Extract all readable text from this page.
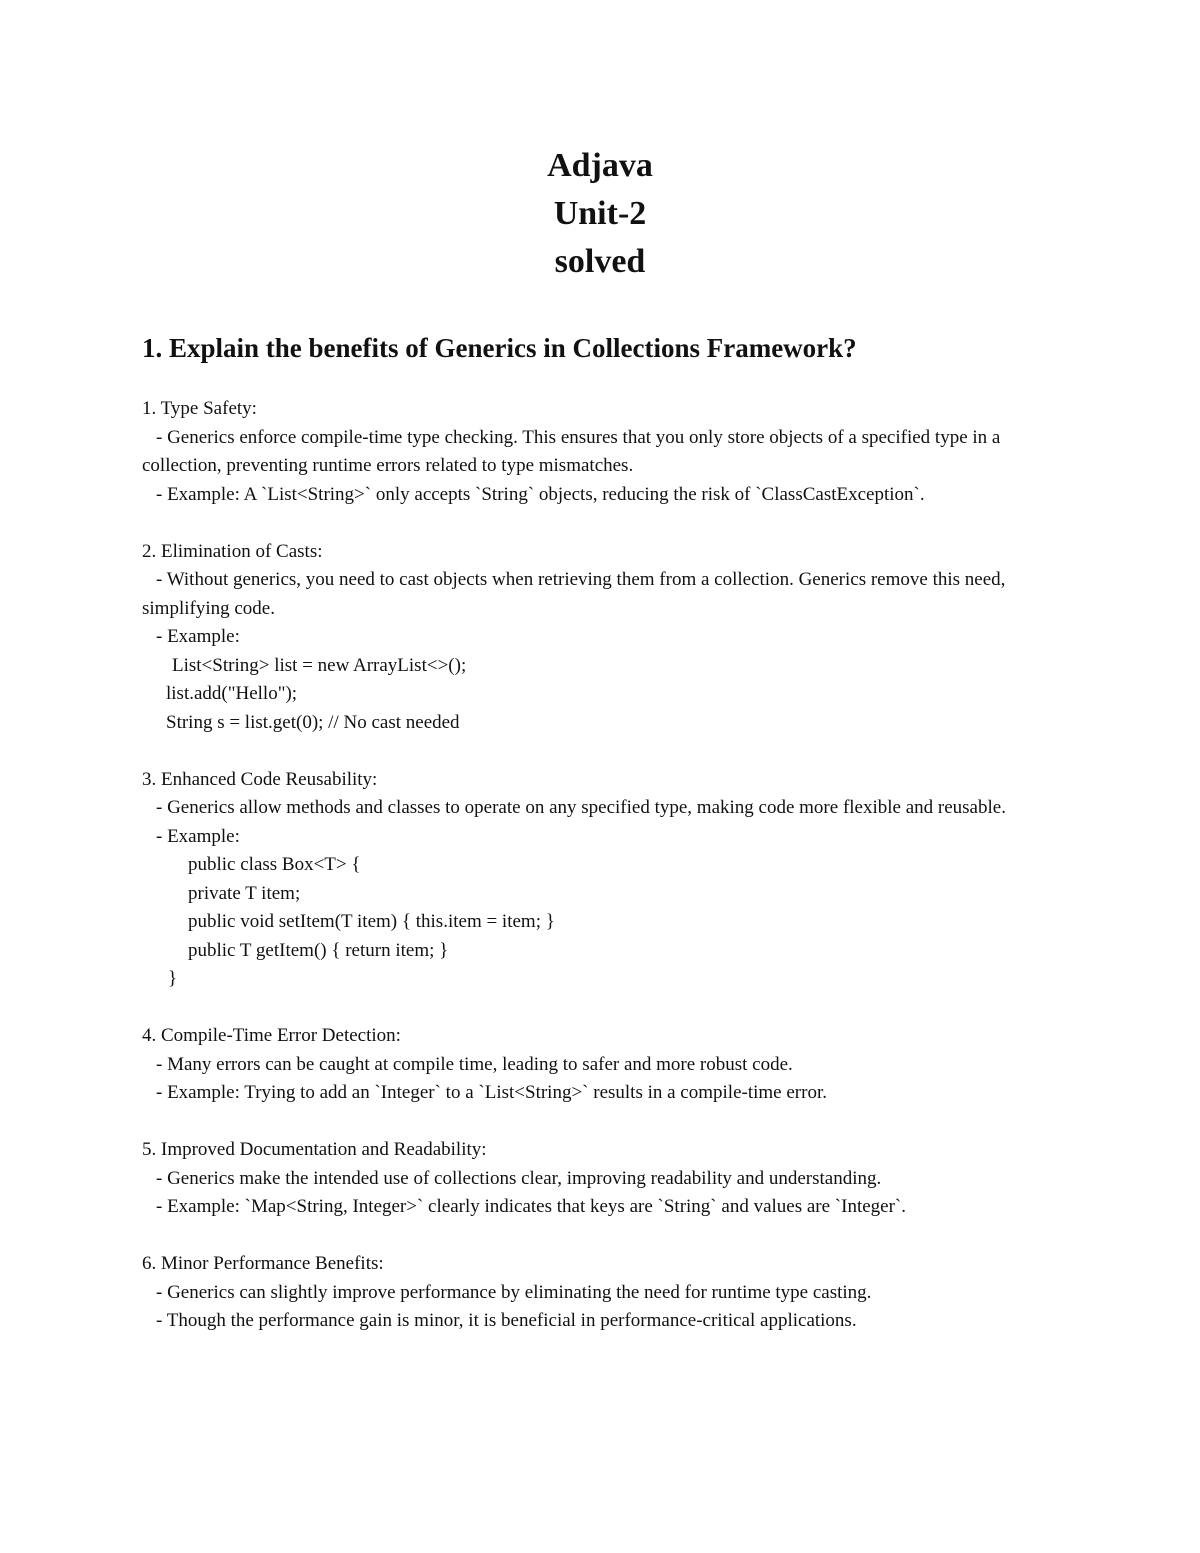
Adjava

Unit-2

solved

1. Explain the benefits of Generics in Collections Framework?

1. Type Safety:

- Generics enforce compile-time type checking. This ensures that you only store objects of a specified type in a collection, preventing runtime errors related to type mismatches.

- Example: A `List<String>` only accepts `String` objects, reducing the risk of `ClassCastException`.

2. Elimination of Casts:

- Without generics, you need to cast objects when retrieving them from a collection. Generics remove this need, simplifying code.

- Example:

List<String> list = new ArrayList<>();

list.add("Hello");

String s = list.get(0); // No cast needed

3. Enhanced Code Reusability:

- Generics allow methods and classes to operate on any specified type, making code more flexible and reusable.

- Example:

public class Box<T> {

private T item;

public void setItem(T item) { this.item = item; }

public T getItem() { return item; }

}

4. Compile-Time Error Detection:

- Many errors can be caught at compile time, leading to safer and more robust code.

- Example: Trying to add an `Integer` to a `List<String>` results in a compile-time error.

5. Improved Documentation and Readability:

- Generics make the intended use of collections clear, improving readability and understanding.

- Example: `Map<String, Integer>` clearly indicates that keys are `String` and values are `Integer`.

6. Minor Performance Benefits:

- Generics can slightly improve performance by eliminating the need for runtime type casting.

- Though the performance gain is minor, it is beneficial in performance-critical applications.
